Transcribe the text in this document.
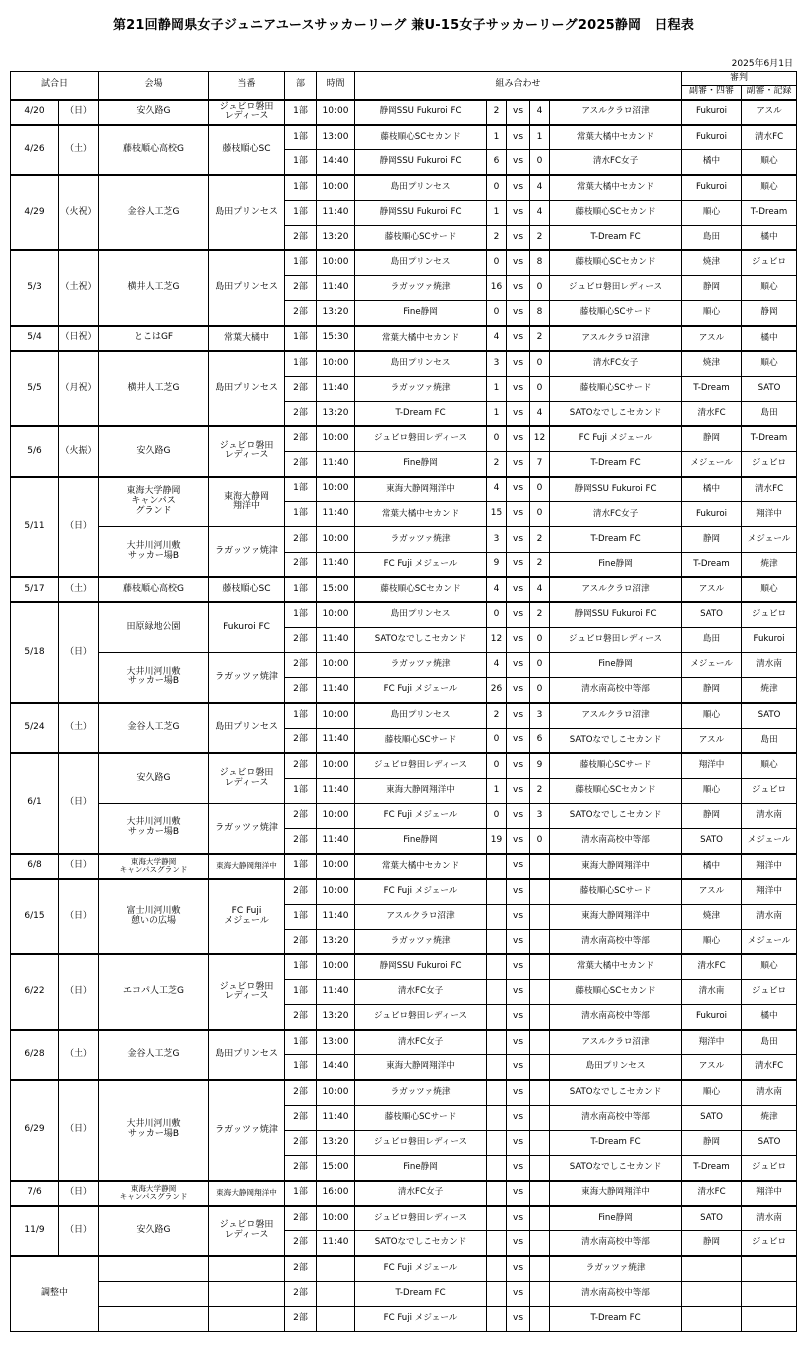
第21回静岡県女子ジュニアユースサッカーリーグ 兼U-15女子サッカーリーグ2025静岡　日程表
2025年6月1日
試合日		会場	当番	部	時間	組み合わせ					審判	
											副審・四審	副審・記録
4/20	（日）	安久路G	ジュビロ磐田
レディース	1部	10:00	静岡SSU Fukuroi FC	2	vs	4	アスルクラロ沼津	Fukuroi	アスル
4/26	（土）	藤枝順心高校G	藤枝順心SC	1部	13:00	藤枝順心SCセカンド	1	vs	1	常葉大橘中セカンド	Fukuroi	清水FC
				1部	14:40	静岡SSU Fukuroi FC	6	vs	0	清水FC女子	橘中	順心
4/29	（火祝）	金谷人工芝G	島田プリンセス	1部	10:00	島田プリンセス	0	vs	4	常葉大橘中セカンド	Fukuroi	順心
				1部	11:40	静岡SSU Fukuroi FC	1	vs	4	藤枝順心SCセカンド	順心	T-Dream
				2部	13:20	藤枝順心SCサード	2	vs	2	T-Dream FC	島田	橘中
5/3	（土祝）	横井人工芝G	島田プリンセス	1部	10:00	島田プリンセス	0	vs	8	藤枝順心SCセカンド	焼津	ジュビロ
				2部	11:40	ラガッツァ焼津	16	vs	0	ジュビロ磐田レディース	静岡	順心
				2部	13:20	Fine静岡	0	vs	8	藤枝順心SCサード	順心	静岡
5/4	（日祝）	とこはGF	常葉大橘中	1部	15:30	常葉大橘中セカンド	4	vs	2	アスルクラロ沼津	アスル	橘中
5/5	（月祝）	横井人工芝G	島田プリンセス	1部	10:00	島田プリンセス	3	vs	0	清水FC女子	焼津	順心
				2部	11:40	ラガッツァ焼津	1	vs	0	藤枝順心SCサード	T-Dream	SATO
				2部	13:20	T-Dream FC	1	vs	4	SATOなでしこセカンド	清水FC	島田
5/6	（火振）	安久路G	ジュビロ磐田
レディース	2部	10:00	ジュビロ磐田レディース	0	vs	12	FC Fuji メジェール	静岡	T-Dream
				2部	11:40	Fine静岡	2	vs	7	T-Dream FC	メジェール	ジュビロ
5/11	（日）	東海大学静岡
キャンパス
グランド	東海大静岡
翔洋中	1部	10:00	東海大静岡翔洋中	4	vs	0	静岡SSU Fukuroi FC	橘中	清水FC
				1部	11:40	常葉大橘中セカンド	15	vs	0	清水FC女子	Fukuroi	翔洋中
		大井川河川敷
サッカー場B	ラガッツァ焼津	2部	10:00	ラガッツァ焼津	3	vs	2	T-Dream FC	静岡	メジェール
				2部	11:40	FC Fuji メジェール	9	vs	2	Fine静岡	T-Dream	焼津
5/17	（土）	藤枝順心高校G	藤枝順心SC	1部	15:00	藤枝順心SCセカンド	4	vs	4	アスルクラロ沼津	アスル	順心
5/18	（日）	田原緑地公園	Fukuroi FC	1部	10:00	島田プリンセス	0	vs	2	静岡SSU Fukuroi FC	SATO	ジュビロ
				2部	11:40	SATOなでしこセカンド	12	vs	0	ジュビロ磐田レディース	島田	Fukuroi
		大井川河川敷
サッカー場B	ラガッツァ焼津	2部	10:00	ラガッツァ焼津	4	vs	0	Fine静岡	メジェール	清水南
				2部	11:40	FC Fuji メジェール	26	vs	0	清水南高校中等部	静岡	焼津
5/24	（土）	金谷人工芝G	島田プリンセス	1部	10:00	島田プリンセス	2	vs	3	アスルクラロ沼津	順心	SATO
				2部	11:40	藤枝順心SCサード	0	vs	6	SATOなでしこセカンド	アスル	島田
6/1	（日）	安久路G	ジュビロ磐田
レディース	2部	10:00	ジュビロ磐田レディース	0	vs	9	藤枝順心SCサード	翔洋中	順心
				1部	11:40	東海大静岡翔洋中	1	vs	2	藤枝順心SCセカンド	順心	ジュビロ
		大井川河川敷
サッカー場B	ラガッツァ焼津	2部	10:00	FC Fuji メジェール	0	vs	3	SATOなでしこセカンド	静岡	清水南
				2部	11:40	Fine静岡	19	vs	0	清水南高校中等部	SATO	メジェール
6/8	（日）	東海大学静岡
キャンパスグランド	東海大静岡翔洋中	1部	10:00	常葉大橘中セカンド		vs		東海大静岡翔洋中	橘中	翔洋中
6/15	（日）	富士川河川敷
憩いの広場	FC Fuji
メジェール	2部	10:00	FC Fuji メジェール		vs		藤枝順心SCサード	アスル	翔洋中
				1部	11:40	アスルクラロ沼津		vs		東海大静岡翔洋中	焼津	清水南
				2部	13:20	ラガッツァ焼津		vs		清水南高校中等部	順心	メジェール
6/22	（日）	エコパ人工芝G	ジュビロ磐田
レディース	1部	10:00	静岡SSU Fukuroi FC		vs		常葉大橘中セカンド	清水FC	順心
				1部	11:40	清水FC女子		vs		藤枝順心SCセカンド	清水南	ジュビロ
				2部	13:20	ジュビロ磐田レディース		vs		清水南高校中等部	Fukuroi	橘中
6/28	（土）	金谷人工芝G	島田プリンセス	1部	13:00	清水FC女子		vs		アスルクラロ沼津	翔洋中	島田
				1部	14:40	東海大静岡翔洋中		vs		島田プリンセス	アスル	清水FC
6/29	（日）	大井川河川敷
サッカー場B	ラガッツァ焼津	2部	10:00	ラガッツァ焼津		vs		SATOなでしこセカンド	順心	清水南
				2部	11:40	藤枝順心SCサード		vs		清水南高校中等部	SATO	焼津
				2部	13:20	ジュビロ磐田レディース		vs		T-Dream FC	静岡	SATO
				2部	15:00	Fine静岡		vs		SATOなでしこセカンド	T-Dream	ジュビロ
7/6	（日）	東海大学静岡
キャンパスグランド	東海大静岡翔洋中	1部	16:00	清水FC女子		vs		東海大静岡翔洋中	清水FC	翔洋中
11/9	（日）	安久路G	ジュビロ磐田
レディース	2部	10:00	ジュビロ磐田レディース		vs		Fine静岡	SATO	清水南
				2部	11:40	SATOなでしこセカンド		vs		清水南高校中等部	静岡	ジュビロ
調整中				2部		FC Fuji メジェール		vs		ラガッツァ焼津		
				2部		T-Dream FC		vs		清水南高校中等部		
				2部		FC Fuji メジェール		vs		T-Dream FC		
